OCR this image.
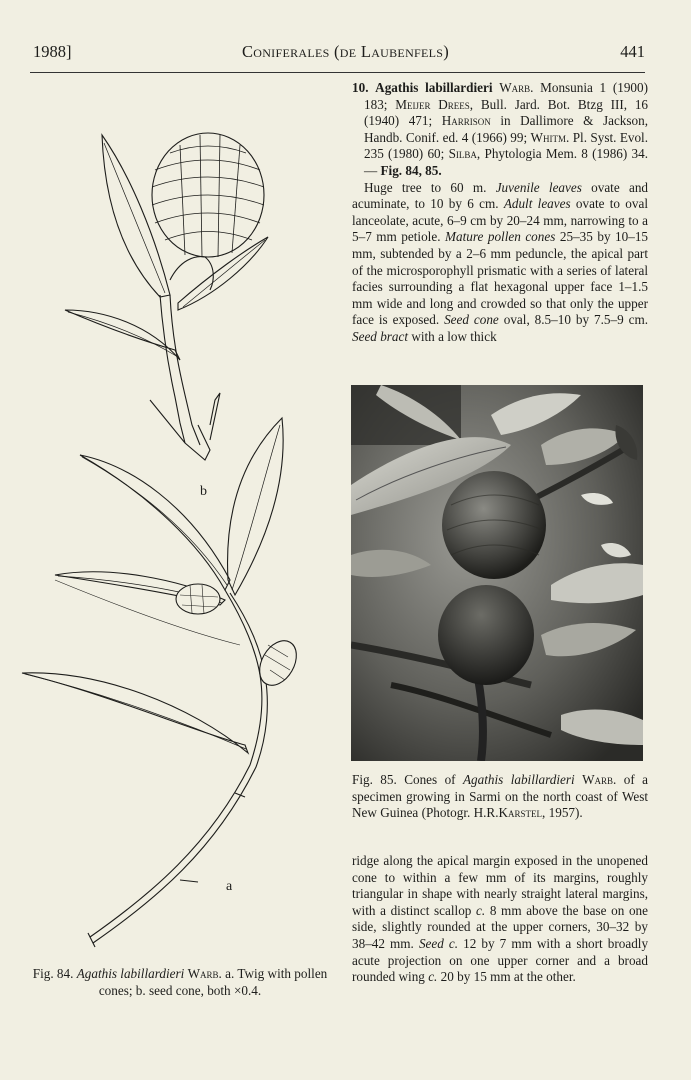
1988]	Coniferales (de Laubenfels)	441
10. Agathis labillardieri Warb. Monsunia 1 (1900) 183; Meijer Drees, Bull. Jard. Bot. Btzg III, 16 (1940) 471; Harrison in Dallimore & Jackson, Handb. Conif. ed. 4 (1966) 99; Whitm. Pl. Syst. Evol. 235 (1980) 60; Silba, Phytologia Mem. 8 (1986) 34. — Fig. 84, 85.
Huge tree to 60 m. Juvenile leaves ovate and acuminate, to 10 by 6 cm. Adult leaves ovate to oval lanceolate, acute, 6–9 cm by 20–24 mm, narrowing to a 5–7 mm petiole. Mature pollen cones 25–35 by 10–15 mm, subtended by a 2–6 mm peduncle, the apical part of the microsporophyll prismatic with a series of lateral facies surrounding a flat hexagonal upper face 1–1.5 mm wide and long and crowded so that only the upper face is exposed. Seed cone oval, 8.5–10 by 7.5–9 cm. Seed bract with a low thick
Fig. 85. Cones of Agathis labillardieri Warb. of a specimen growing in Sarmi on the north coast of West New Guinea (Photogr. H.R.Karstel, 1957).
ridge along the apical margin exposed in the unopened cone to within a few mm of its margins, roughly triangular in shape with nearly straight lateral margins, with a distinct scallop c. 8 mm above the base on one side, slightly rounded at the upper corners, 30–32 by 38–42 mm. Seed c. 12 by 7 mm with a short broadly acute projection on one upper corner and a broad rounded wing c. 20 by 15 mm at the other.
b
a
Fig. 84. Agathis labillardieri Warb. a. Twig with pollen cones; b. seed cone, both ×0.4.
